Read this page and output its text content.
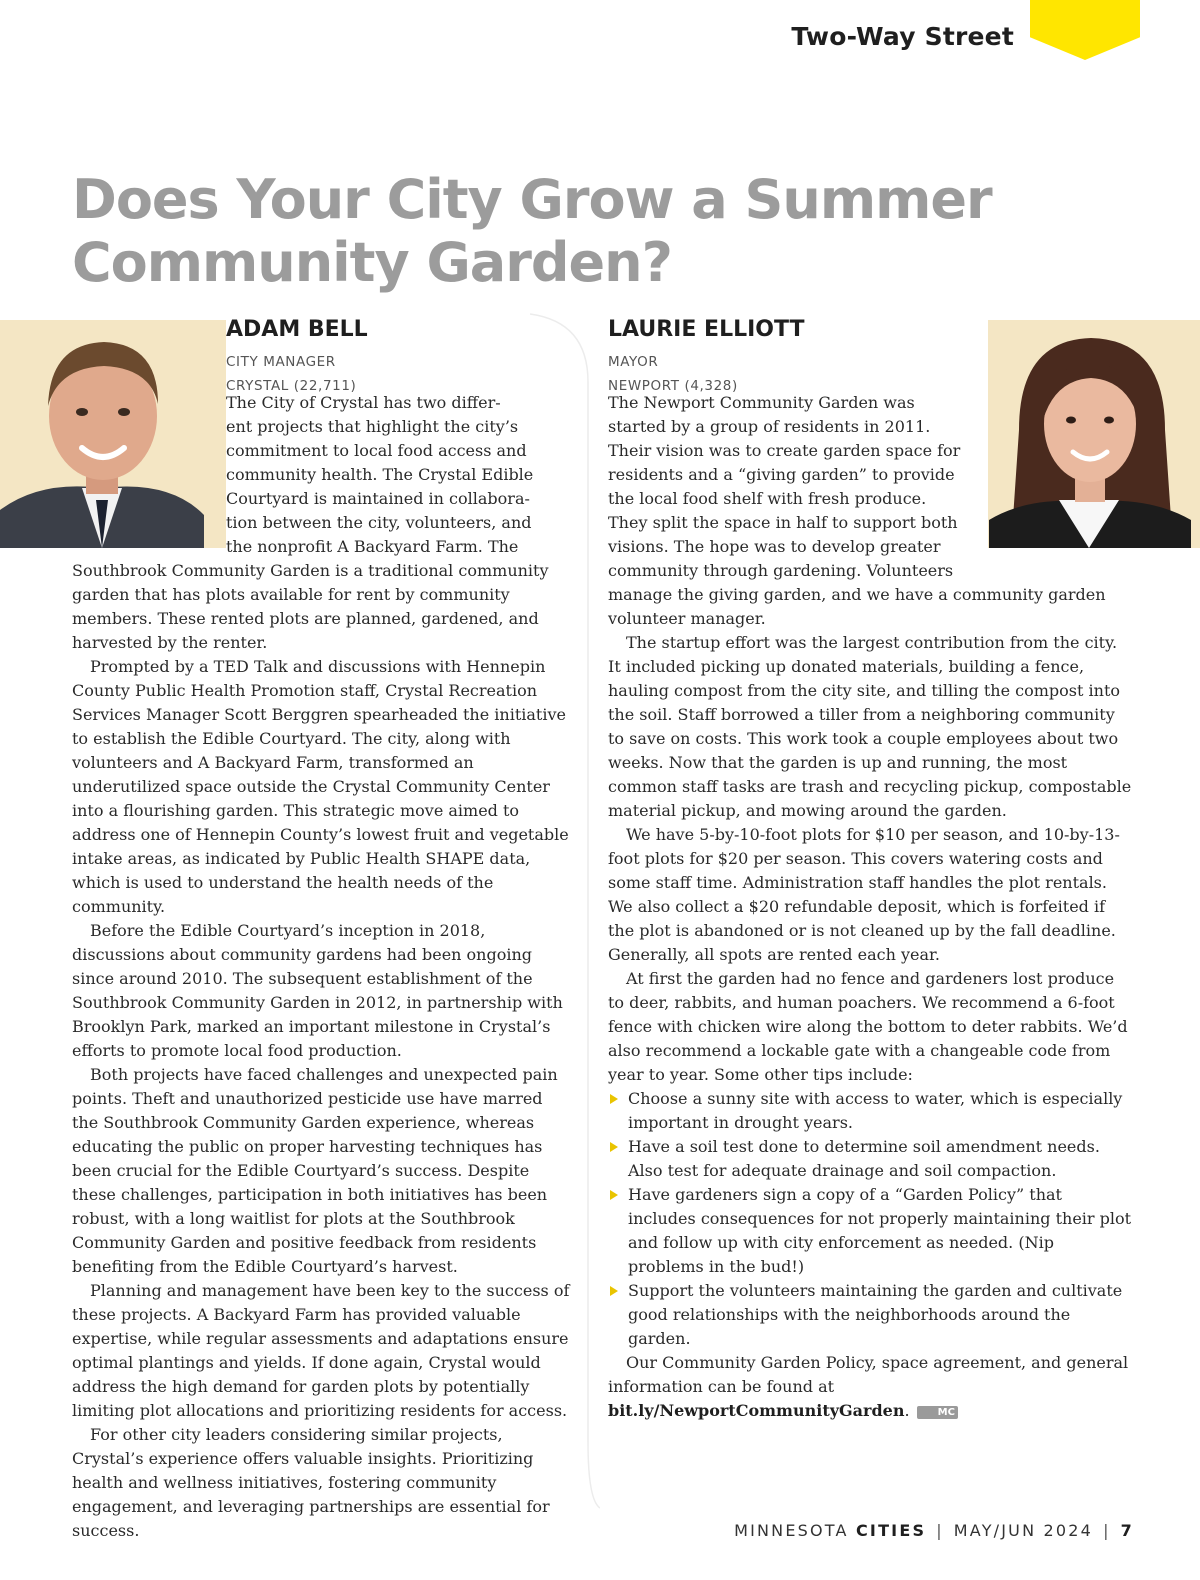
Two-Way Street
Does Your City Grow a Summer
Community Garden?
ADAM BELL
CITY MANAGER
CRYSTAL (22,711)
The City of Crystal has two differ-
ent projects that highlight the city’s
commitment to local food access and
community health. The Crystal Edible
Courtyard is maintained in collabora-
tion between the city, volunteers, and
the nonprofit A Backyard Farm. The

Southbrook Community Garden is a traditional community garden that has plots available for rent by community members. These rented plots are planned, gardened, and harvested by the renter.

Prompted by a TED Talk and discussions with Hennepin County Public Health Promotion staff, Crystal Recreation Services Manager Scott Berggren spearheaded the initiative to establish the Edible Courtyard. The city, along with volunteers and A Backyard Farm, transformed an underutilized space outside the Crystal Community Center into a flourishing garden. This strategic move aimed to address one of Hennepin County’s lowest fruit and vegetable intake areas, as indicated by Public Health SHAPE data, which is used to understand the health needs of the community.

Before the Edible Courtyard’s inception in 2018, discussions about community gardens had been ongoing since around 2010. The subsequent establishment of the Southbrook Community Garden in 2012, in partnership with Brooklyn Park, marked an important milestone in Crystal’s efforts to promote local food production.

Both projects have faced challenges and unexpected pain points. Theft and unauthorized pesticide use have marred the Southbrook Community Garden experience, whereas educating the public on proper harvesting techniques has been crucial for the Edible Courtyard’s success. Despite these challenges, participation in both initiatives has been robust, with a long waitlist for plots at the Southbrook Community Garden and positive feedback from residents benefiting from the Edible Courtyard’s harvest.

Planning and management have been key to the success of these projects. A Backyard Farm has provided valuable expertise, while regular assessments and adaptations ensure optimal plantings and yields. If done again, Crystal would address the high demand for garden plots by potentially limiting plot allocations and prioritizing residents for access.

For other city leaders considering similar projects, Crystal’s experience offers valuable insights. Prioritizing health and wellness initiatives, fostering community engagement, and leveraging partnerships are essential for success.

LAURIE ELLIOTT
MAYOR
NEWPORT (4,328)
The Newport Community Garden was
started by a group of residents in 2011.
Their vision was to create garden space for
residents and a “giving garden” to provide
the local food shelf with fresh produce.
They split the space in half to support both
visions. The hope was to develop greater
community through gardening. Volunteers

manage the giving garden, and we have a community garden volunteer manager.

The startup effort was the largest contribution from the city. It included picking up donated materials, building a fence, hauling compost from the city site, and tilling the compost into the soil. Staff borrowed a tiller from a neighboring community to save on costs. This work took a couple employees about two weeks. Now that the garden is up and running, the most common staff tasks are trash and recycling pickup, compostable material pickup, and mowing around the garden.

We have 5-by-10-foot plots for $10 per season, and 10-by-13-foot plots for $20 per season. This covers watering costs and some staff time. Administration staff handles the plot rentals. We also collect a $20 refundable deposit, which is forfeited if the plot is abandoned or is not cleaned up by the fall deadline. Generally, all spots are rented each year.

At first the garden had no fence and gardeners lost produce to deer, rabbits, and human poachers. We recommend a 6-foot fence with chicken wire along the bottom to deter rabbits. We’d also recommend a lockable gate with a changeable code from year to year. Some other tips include:

Choose a sunny site with access to water, which is especially important in drought years.
Have a soil test done to determine soil amendment needs. Also test for adequate drainage and soil compaction.
Have gardeners sign a copy of a “Garden Policy” that includes consequences for not properly maintaining their plot and follow up with city enforcement as needed. (Nip problems in the bud!)
Support the volunteers maintaining the garden and cultivate good relationships with the neighborhoods around the garden.

Our Community Garden Policy, space agreement, and general information can be found at bit.ly/NewportCommunityGarden.	MC

MINNESOTA CITIES | MAY/JUN 2024 | 7
